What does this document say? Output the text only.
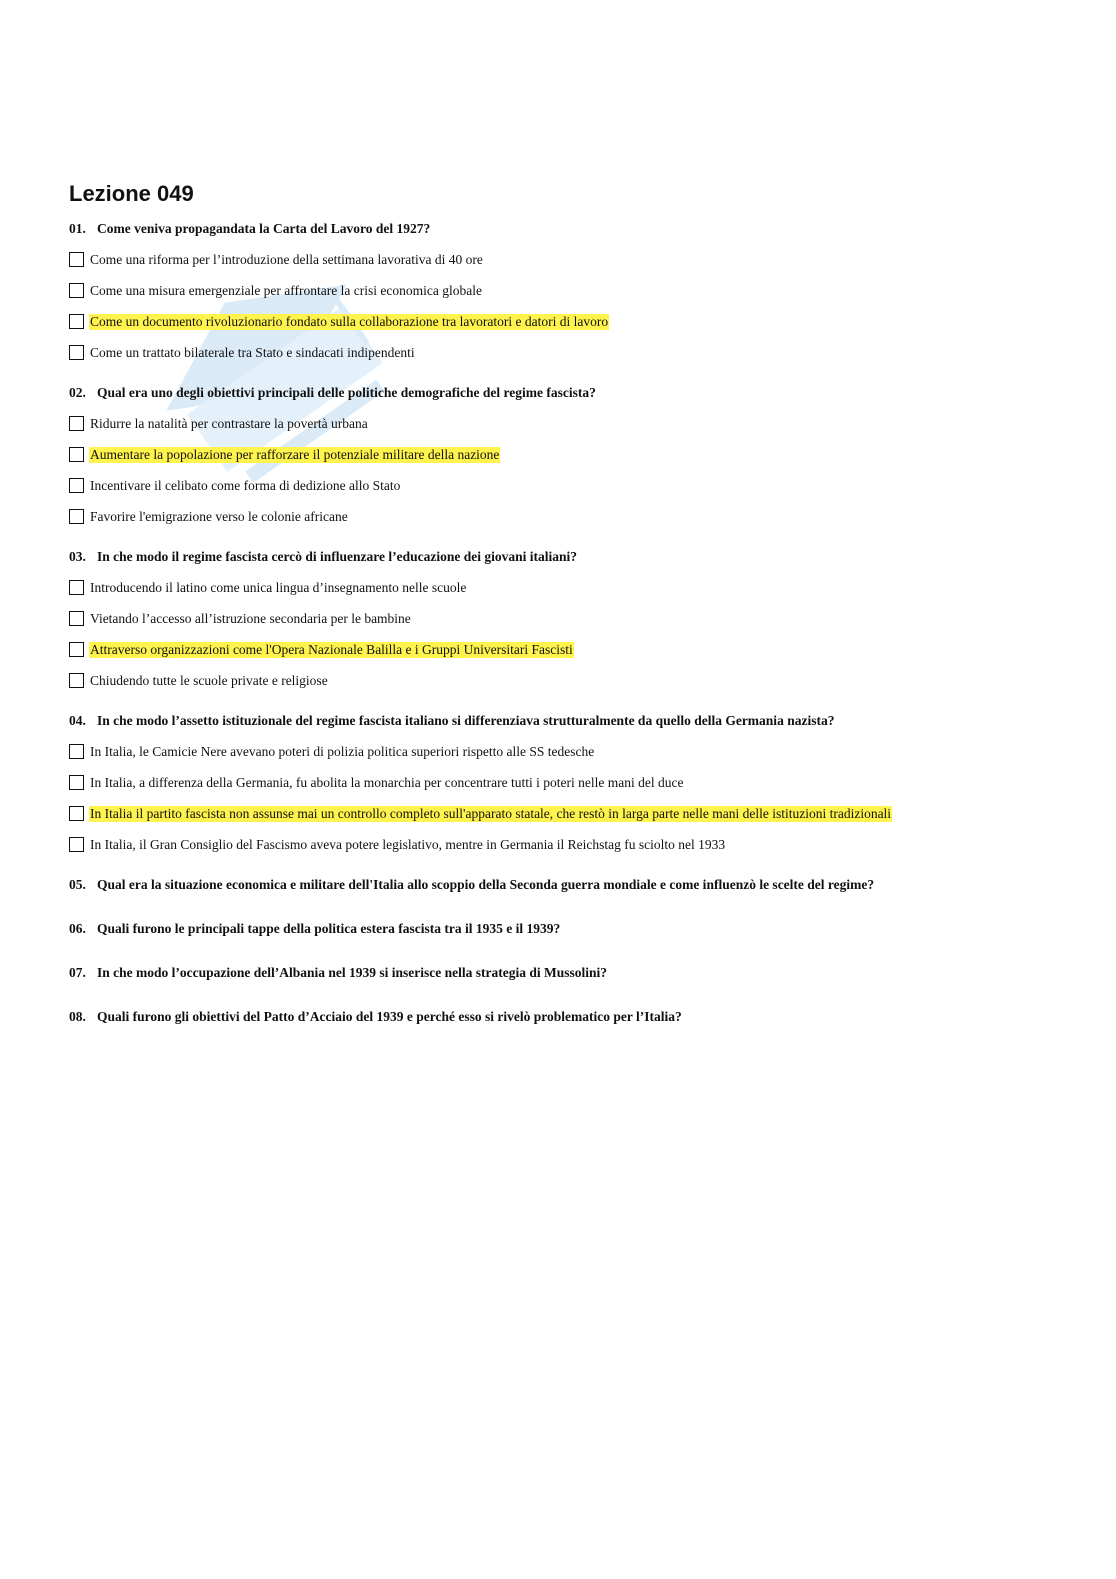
Lezione 049

01. Come veniva propagandata la Carta del Lavoro del 1927?

Come una riforma per l’introduzione della settimana lavorativa di 40 ore
Come una misura emergenziale per affrontare la crisi economica globale
Come un documento rivoluzionario fondato sulla collaborazione tra lavoratori e datori di lavoro
Come un trattato bilaterale tra Stato e sindacati indipendenti

02. Qual era uno degli obiettivi principali delle politiche demografiche del regime fascista?

Ridurre la natalità per contrastare la povertà urbana
Aumentare la popolazione per rafforzare il potenziale militare della nazione
Incentivare il celibato come forma di dedizione allo Stato
Favorire l'emigrazione verso le colonie africane

03. In che modo il regime fascista cercò di influenzare l’educazione dei giovani italiani?

Introducendo il latino come unica lingua d’insegnamento nelle scuole
Vietando l’accesso all’istruzione secondaria per le bambine
Attraverso organizzazioni come l'Opera Nazionale Balilla e i Gruppi Universitari Fascisti
Chiudendo tutte le scuole private e religiose

04. In che modo l’assetto istituzionale del regime fascista italiano si differenziava strutturalmente da quello della Germania nazista?

In Italia, le Camicie Nere avevano poteri di polizia politica superiori rispetto alle SS tedesche
In Italia, a differenza della Germania, fu abolita la monarchia per concentrare tutti i poteri nelle mani del duce
In Italia il partito fascista non assunse mai un controllo completo sull'apparato statale, che restò in larga parte nelle mani delle istituzioni tradizionali
In Italia, il Gran Consiglio del Fascismo aveva potere legislativo, mentre in Germania il Reichstag fu sciolto nel 1933

05. Qual era la situazione economica e militare dell'Italia allo scoppio della Seconda guerra mondiale e come influenzò le scelte del regime?

06. Quali furono le principali tappe della politica estera fascista tra il 1935 e il 1939?

07. In che modo l’occupazione dell’Albania nel 1939 si inserisce nella strategia di Mussolini?

08. Quali furono gli obiettivi del Patto d’Acciaio del 1939 e perché esso si rivelò problematico per l’Italia?
